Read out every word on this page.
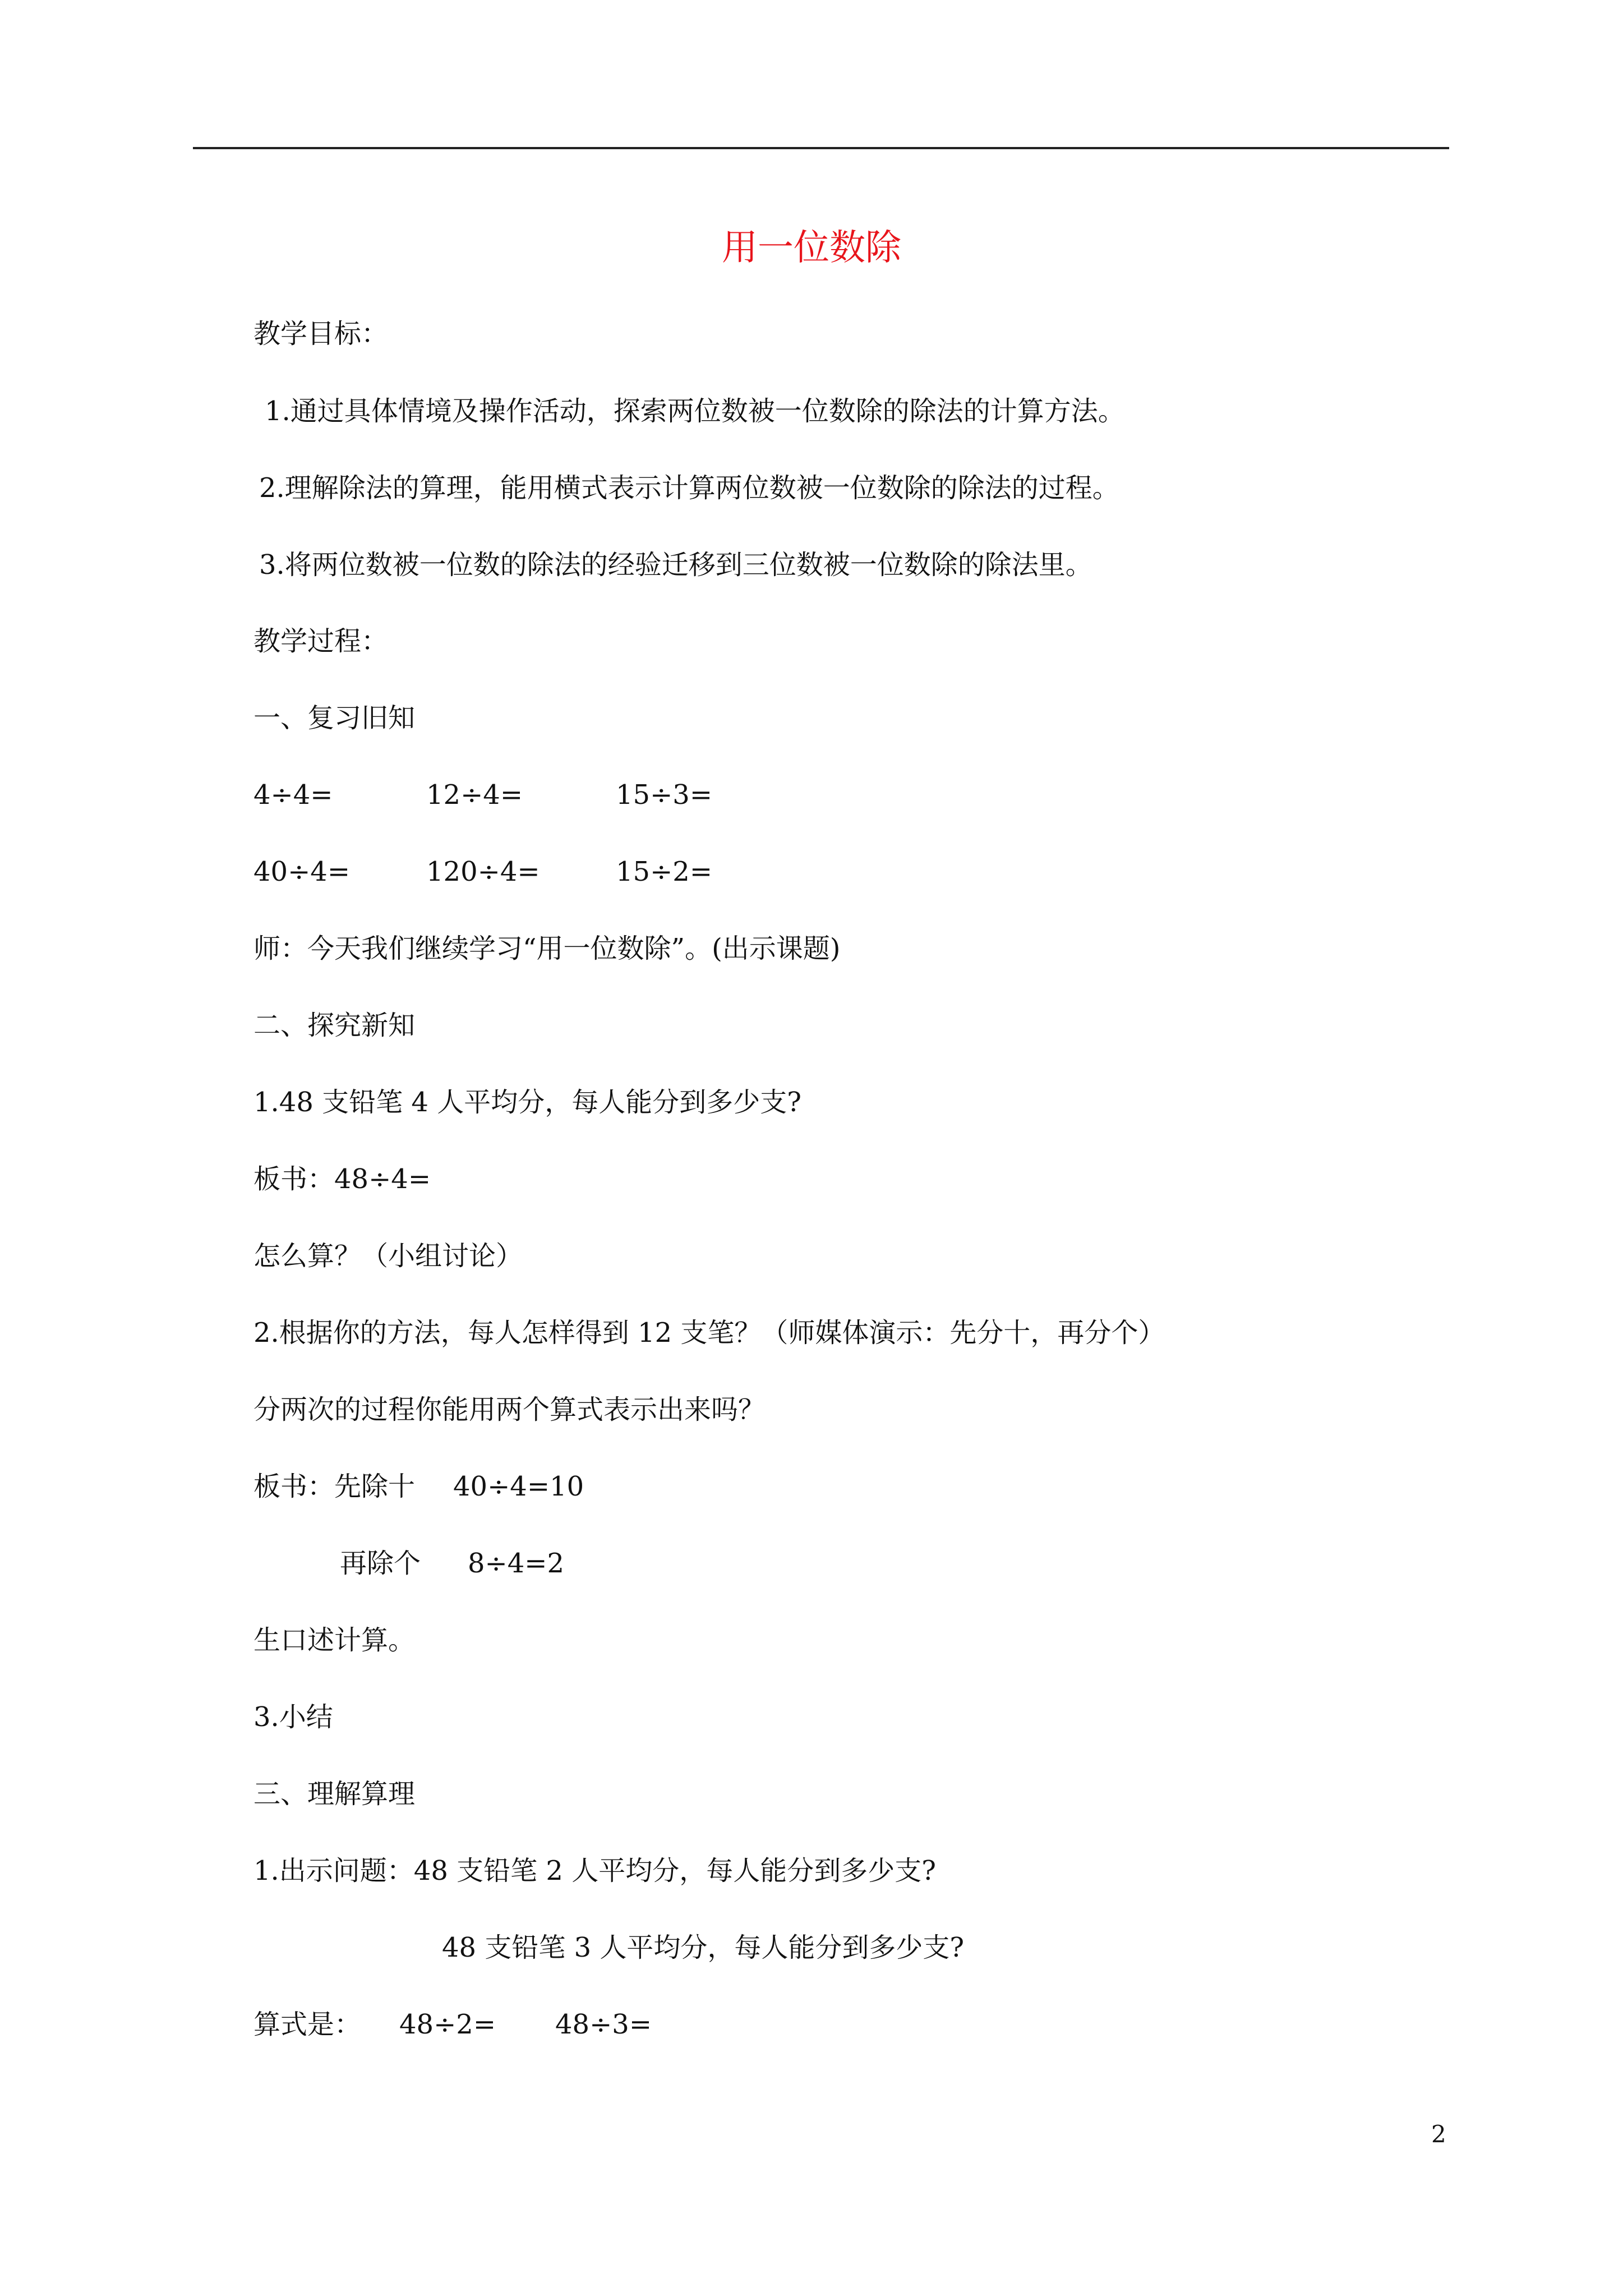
用一位数除
教学目标：
1.通过具体情境及操作活动，探索两位数被一位数除的除法的计算方法。
2.理解除法的算理，能用横式表示计算两位数被一位数除的除法的过程。
3.将两位数被一位数的除法的经验迁移到三位数被一位数除的除法里。
教学过程：
一、复习旧知
4÷4=	12÷4=	15÷3=
40÷4=	120÷4=	15÷2=
师：今天我们继续学习“用一位数除”。(出示课题)
二、探究新知
1.48 支铅笔 4 人平均分，每人能分到多少支?
板书：48÷4=
怎么算？（小组讨论）
2.根据你的方法，每人怎样得到 12 支笔？（师媒体演示：先分十，再分个）
分两次的过程你能用两个算式表示出来吗？
板书：先除十 40÷4=10
再除个 8÷4=2
生口述计算。
3.小结
三、理解算理
1.出示问题：48 支铅笔 2 人平均分，每人能分到多少支?
48 支铅笔 3 人平均分，每人能分到多少支?
算式是： 48÷2= 48÷3=
2
